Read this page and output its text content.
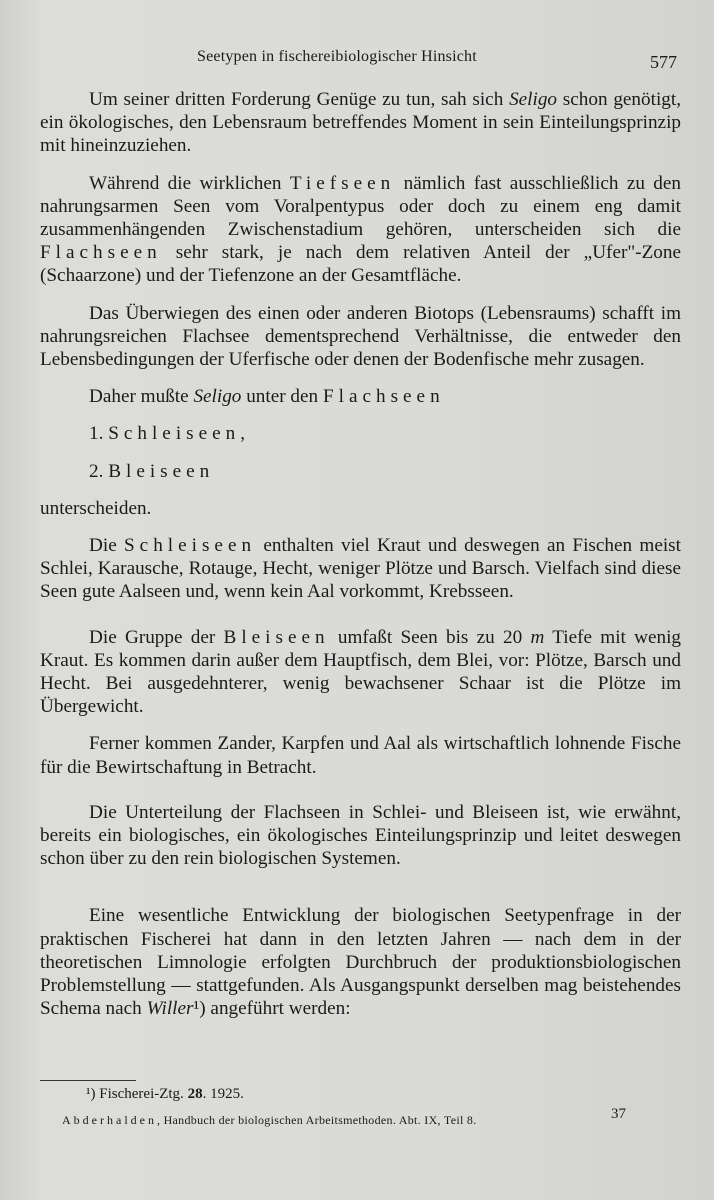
Seetypen in fischereibiologischer Hinsicht	577

Um seiner dritten Forderung Genüge zu tun, sah sich Seligo schon genötigt, ein ökologisches, den Lebensraum betreffendes Moment in sein Einteilungsprinzip mit hineinzuziehen.

Während die wirklichen Tiefseen nämlich fast ausschließlich zu den nahrungsarmen Seen vom Voralpentypus oder doch zu einem eng damit zusammenhängenden Zwischenstadium gehören, unterscheiden sich die Flachseen sehr stark, je nach dem relativen Anteil der „Ufer"-Zone (Schaarzone) und der Tiefenzone an der Gesamtfläche.

Das Überwiegen des einen oder anderen Biotops (Lebensraums) schafft im nahrungsreichen Flachsee dementsprechend Verhältnisse, die entweder den Lebensbedingungen der Uferfische oder denen der Bodenfische mehr zusagen.

Daher mußte Seligo unter den Flachseen

1. Schleiseen,

2. Bleiseen

unterscheiden.

Die Schleiseen enthalten viel Kraut und deswegen an Fischen meist Schlei, Karausche, Rotauge, Hecht, weniger Plötze und Barsch. Vielfach sind diese Seen gute Aalseen und, wenn kein Aal vorkommt, Krebsseen.

Die Gruppe der Bleiseen umfaßt Seen bis zu 20 m Tiefe mit wenig Kraut. Es kommen darin außer dem Hauptfisch, dem Blei, vor: Plötze, Barsch und Hecht. Bei ausgedehnterer, wenig bewachsener Schaar ist die Plötze im Übergewicht.

Ferner kommen Zander, Karpfen und Aal als wirtschaftlich lohnende Fische für die Bewirtschaftung in Betracht.

Die Unterteilung der Flachseen in Schlei- und Bleiseen ist, wie erwähnt, bereits ein biologisches, ein ökologisches Einteilungsprinzip und leitet deswegen schon über zu den rein biologischen Systemen.

Eine wesentliche Entwicklung der biologischen Seetypenfrage in der praktischen Fischerei hat dann in den letzten Jahren — nach dem in der theoretischen Limnologie erfolgten Durchbruch der produktionsbiologischen Problemstellung — stattgefunden. Als Ausgangspunkt derselben mag beistehendes Schema nach Willer¹) angeführt werden:

¹) Fischerei-Ztg. 28. 1925.
Abderhalden, Handbuch der biologischen Arbeitsmethoden. Abt. IX, Teil 8.	37
